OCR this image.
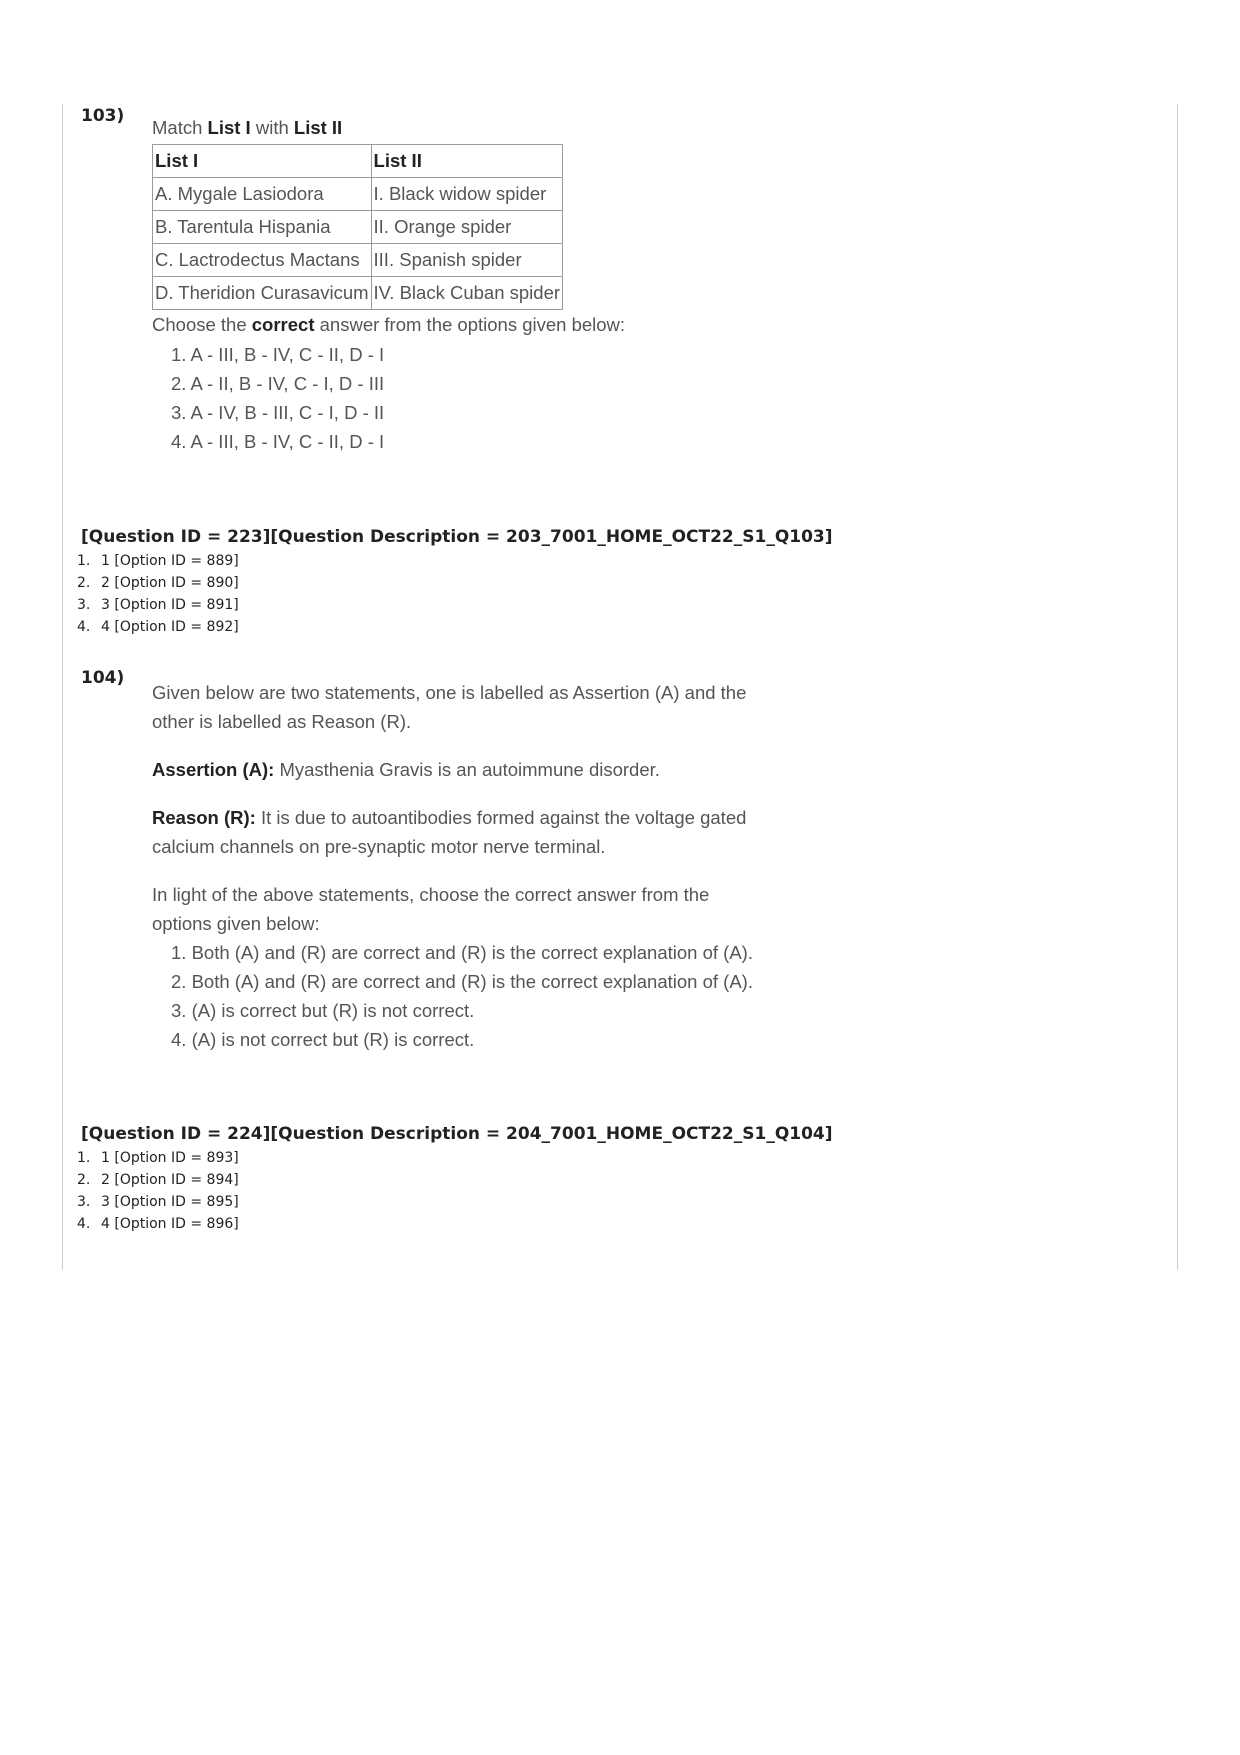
103)
Match List I with List II
List I	List II
A. Mygale Lasiodora	I. Black widow spider
B. Tarentula Hispania	II. Orange spider
C. Lactrodectus Mactans	III. Spanish spider
D. Theridion Curasavicum	IV. Black Cuban spider
Choose the correct answer from the options given below:
1. A - III, B - IV, C - II, D - I
2. A - II, B - IV, C - I, D - III
3. A - IV, B - III, C - I, D - II
4. A - III, B - IV, C - II, D - I
[Question ID = 223][Question Description = 203_7001_HOME_OCT22_S1_Q103]
1. 1 [Option ID = 889]
2. 2 [Option ID = 890]
3. 3 [Option ID = 891]
4. 4 [Option ID = 892]
104)

Given below are two statements, one is labelled as Assertion (A) and the
other is labelled as Reason (R).

Assertion (A): Myasthenia Gravis is an autoimmune disorder.

Reason (R): It is due to autoantibodies formed against the voltage gated
calcium channels on pre-synaptic motor nerve terminal.

In light of the above statements, choose the correct answer from the
options given below:

1. Both (A) and (R) are correct and (R) is the correct explanation of (A).
2. Both (A) and (R) are correct and (R) is the correct explanation of (A).
3. (A) is correct but (R) is not correct.
4. (A) is not correct but (R) is correct.
[Question ID = 224][Question Description = 204_7001_HOME_OCT22_S1_Q104]
1. 1 [Option ID = 893]
2. 2 [Option ID = 894]
3. 3 [Option ID = 895]
4. 4 [Option ID = 896]
